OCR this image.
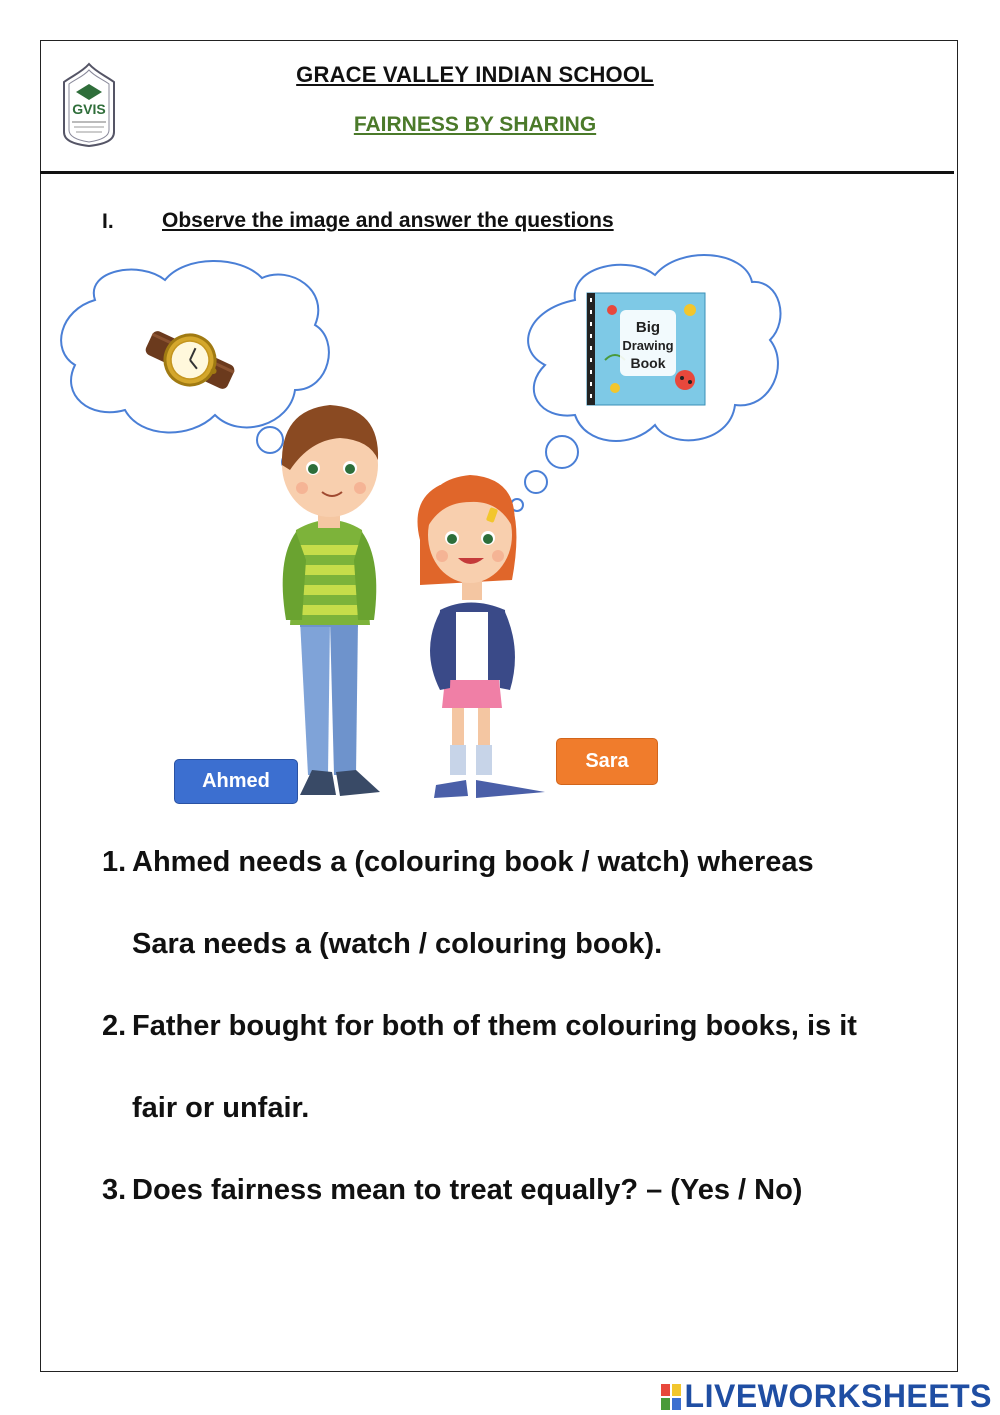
GVIS
GRACE VALLEY INDIAN SCHOOL
FAIRNESS BY SHARING
I. Observe the image and answer the questions
Big
Drawing
Book
Ahmed
Sara
1. Ahmed needs a (colouring book / watch) whereas
Sara needs a (watch / colouring book).
2. Father bought for both of them colouring books, is it
fair or unfair.
3. Does fairness mean to treat equally? – (Yes / No)
LIVEWORKSHEETS
